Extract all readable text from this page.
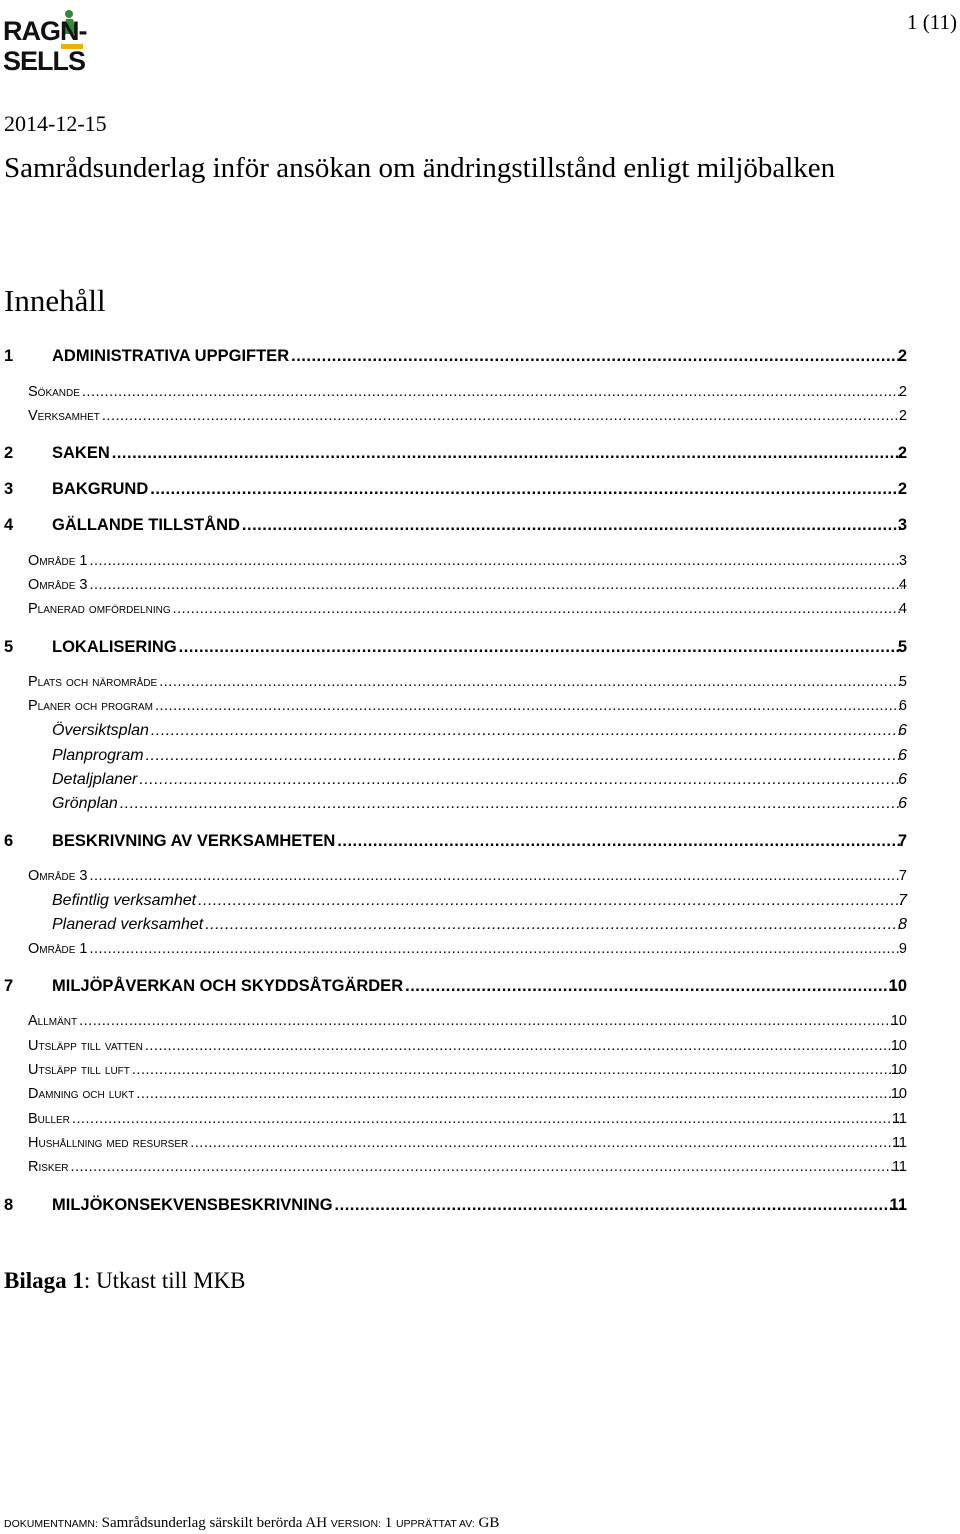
RAGN-SELLS
1 (11)
2014-12-15
Samrådsunderlag inför ansökan om ändringstillstånd enligt miljöbalken
Innehåll
1 ADMINISTRATIVA UPPGIFTER .....	2
Sökande .....	2
Verksamhet .....	2
2 SAKEN .....	2
3 BAKGRUND .....	2
4 GÄLLANDE TILLSTÅND .....	3
Område 1 .....	3
Område 3 .....	4
Planerad omfördelning .....	4
5 LOKALISERING .....	5
Plats och närområde .....	5
Planer och program .....	6
Översiktsplan .....	6
Planprogram .....	6
Detaljplaner .....	6
Grönplan .....	6
6 BESKRIVNING AV VERKSAMHETEN .....	7
Område 3 .....	7
Befintlig verksamhet .....	7
Planerad verksamhet .....	8
Område 1 .....	9
7 MILJÖPÅVERKAN OCH SKYDDSÅTGÄRDER .....	10
Allmänt .....	10
Utsläpp till vatten .....	10
Utsläpp till luft .....	10
Damning och lukt .....	10
Buller .....	11
Hushållning med resurser .....	11
Risker .....	11
8 MILJÖKONSEKVENSBESKRIVNING .....	11
Bilaga 1: Utkast till MKB
DOKUMENTNAMN: Samrådsunderlag särskilt berörda AH VERSION: 1 UPPRÄTTAT AV: GB
